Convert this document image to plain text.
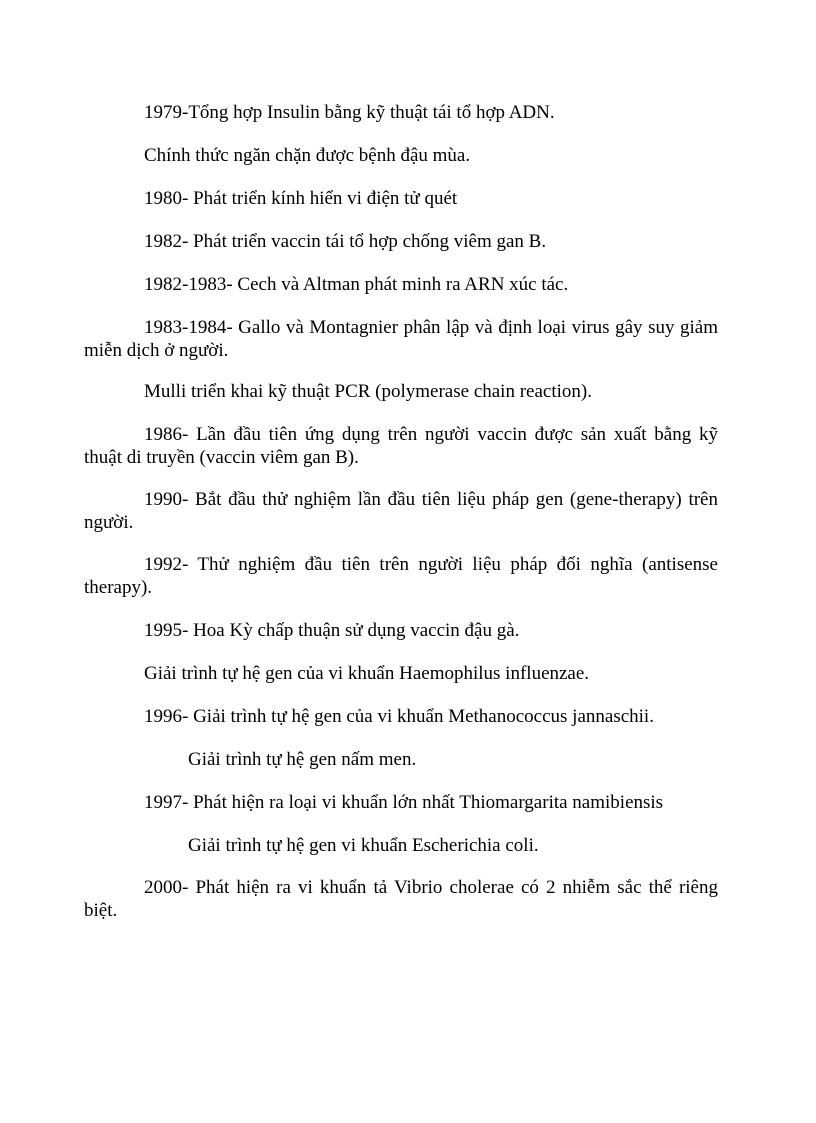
1979-Tổng hợp Insulin bằng kỹ thuật tái tổ hợp ADN.

Chính thức ngăn chặn được bệnh đậu mùa.

1980- Phát triển kính hiển vi điện tử quét

1982- Phát triển vaccin tái tổ hợp chống viêm gan B.

1982-1983- Cech và Altman phát minh ra ARN xúc tác.

1983-1984- Gallo và Montagnier phân lập và định loại virus gây suy giảm miễn dịch ở người.

Mulli triển khai kỹ thuật PCR (polymerase chain reaction).

1986- Lần đầu tiên ứng dụng trên người vaccin được sản xuất bằng kỹ thuật di truyền (vaccin viêm gan B).

1990- Bắt đầu thử nghiệm lần đầu tiên liệu pháp gen (gene-therapy) trên người.

1992- Thử nghiệm đầu tiên trên người liệu pháp đối nghĩa (antisense therapy).

1995- Hoa Kỳ chấp thuận sử dụng vaccin đậu gà.

Giải trình tự hệ gen của vi khuẩn Haemophilus influenzae.

1996- Giải trình tự hệ gen của vi khuẩn Methanococcus jannaschii.

Giải trình tự hệ gen nấm men.

1997- Phát hiện ra loại vi khuẩn lớn nhất Thiomargarita namibiensis

Giải trình tự hệ gen vi khuẩn Escherichia coli.

2000- Phát hiện ra vi khuẩn tả Vibrio cholerae có 2 nhiễm sắc thể riêng biệt.
